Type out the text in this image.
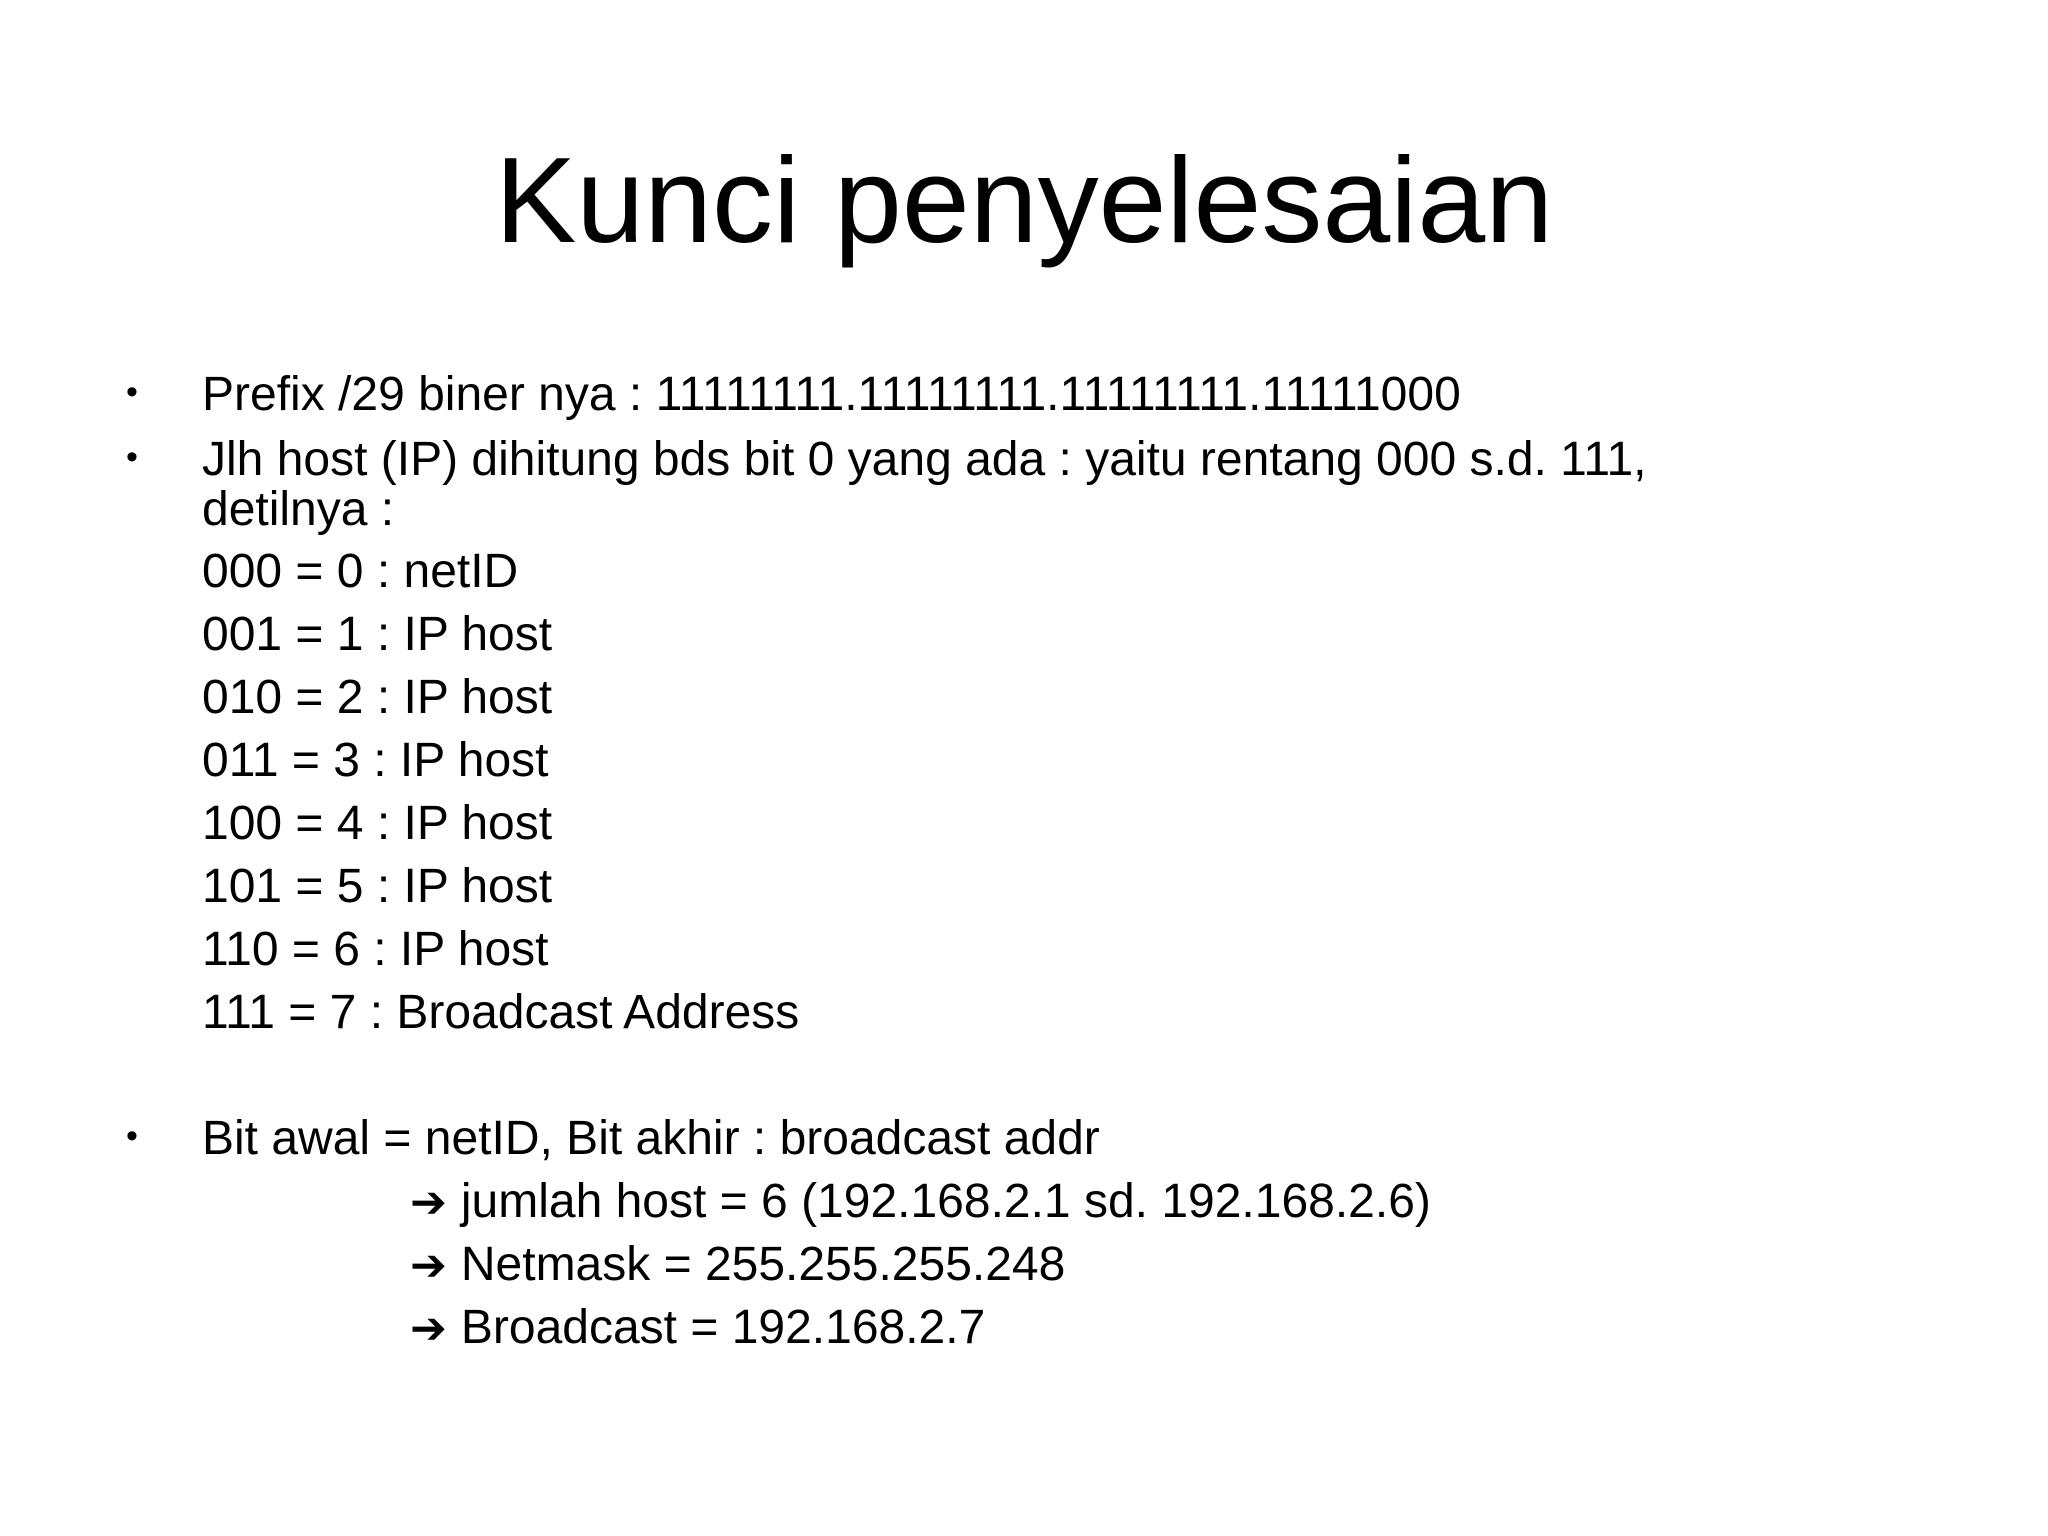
Kunci penyelesaian
• Prefix /29 biner nya : 11111111.11111111.11111111.11111000
• Jlh host (IP) dihitung bds bit 0 yang ada : yaitu rentang 000 s.d. 111,
detilnya :
000 = 0 : netID
001 = 1 : IP host
010 = 2 : IP host
011 = 3 : IP host
100 = 4 : IP host
101 = 5 : IP host
110 = 6 : IP host
111 = 7 : Broadcast Address
• Bit awal = netID, Bit akhir : broadcast addr
➔ jumlah host = 6 (192.168.2.1 sd. 192.168.2.6)
➔ Netmask = 255.255.255.248
➔ Broadcast = 192.168.2.7
